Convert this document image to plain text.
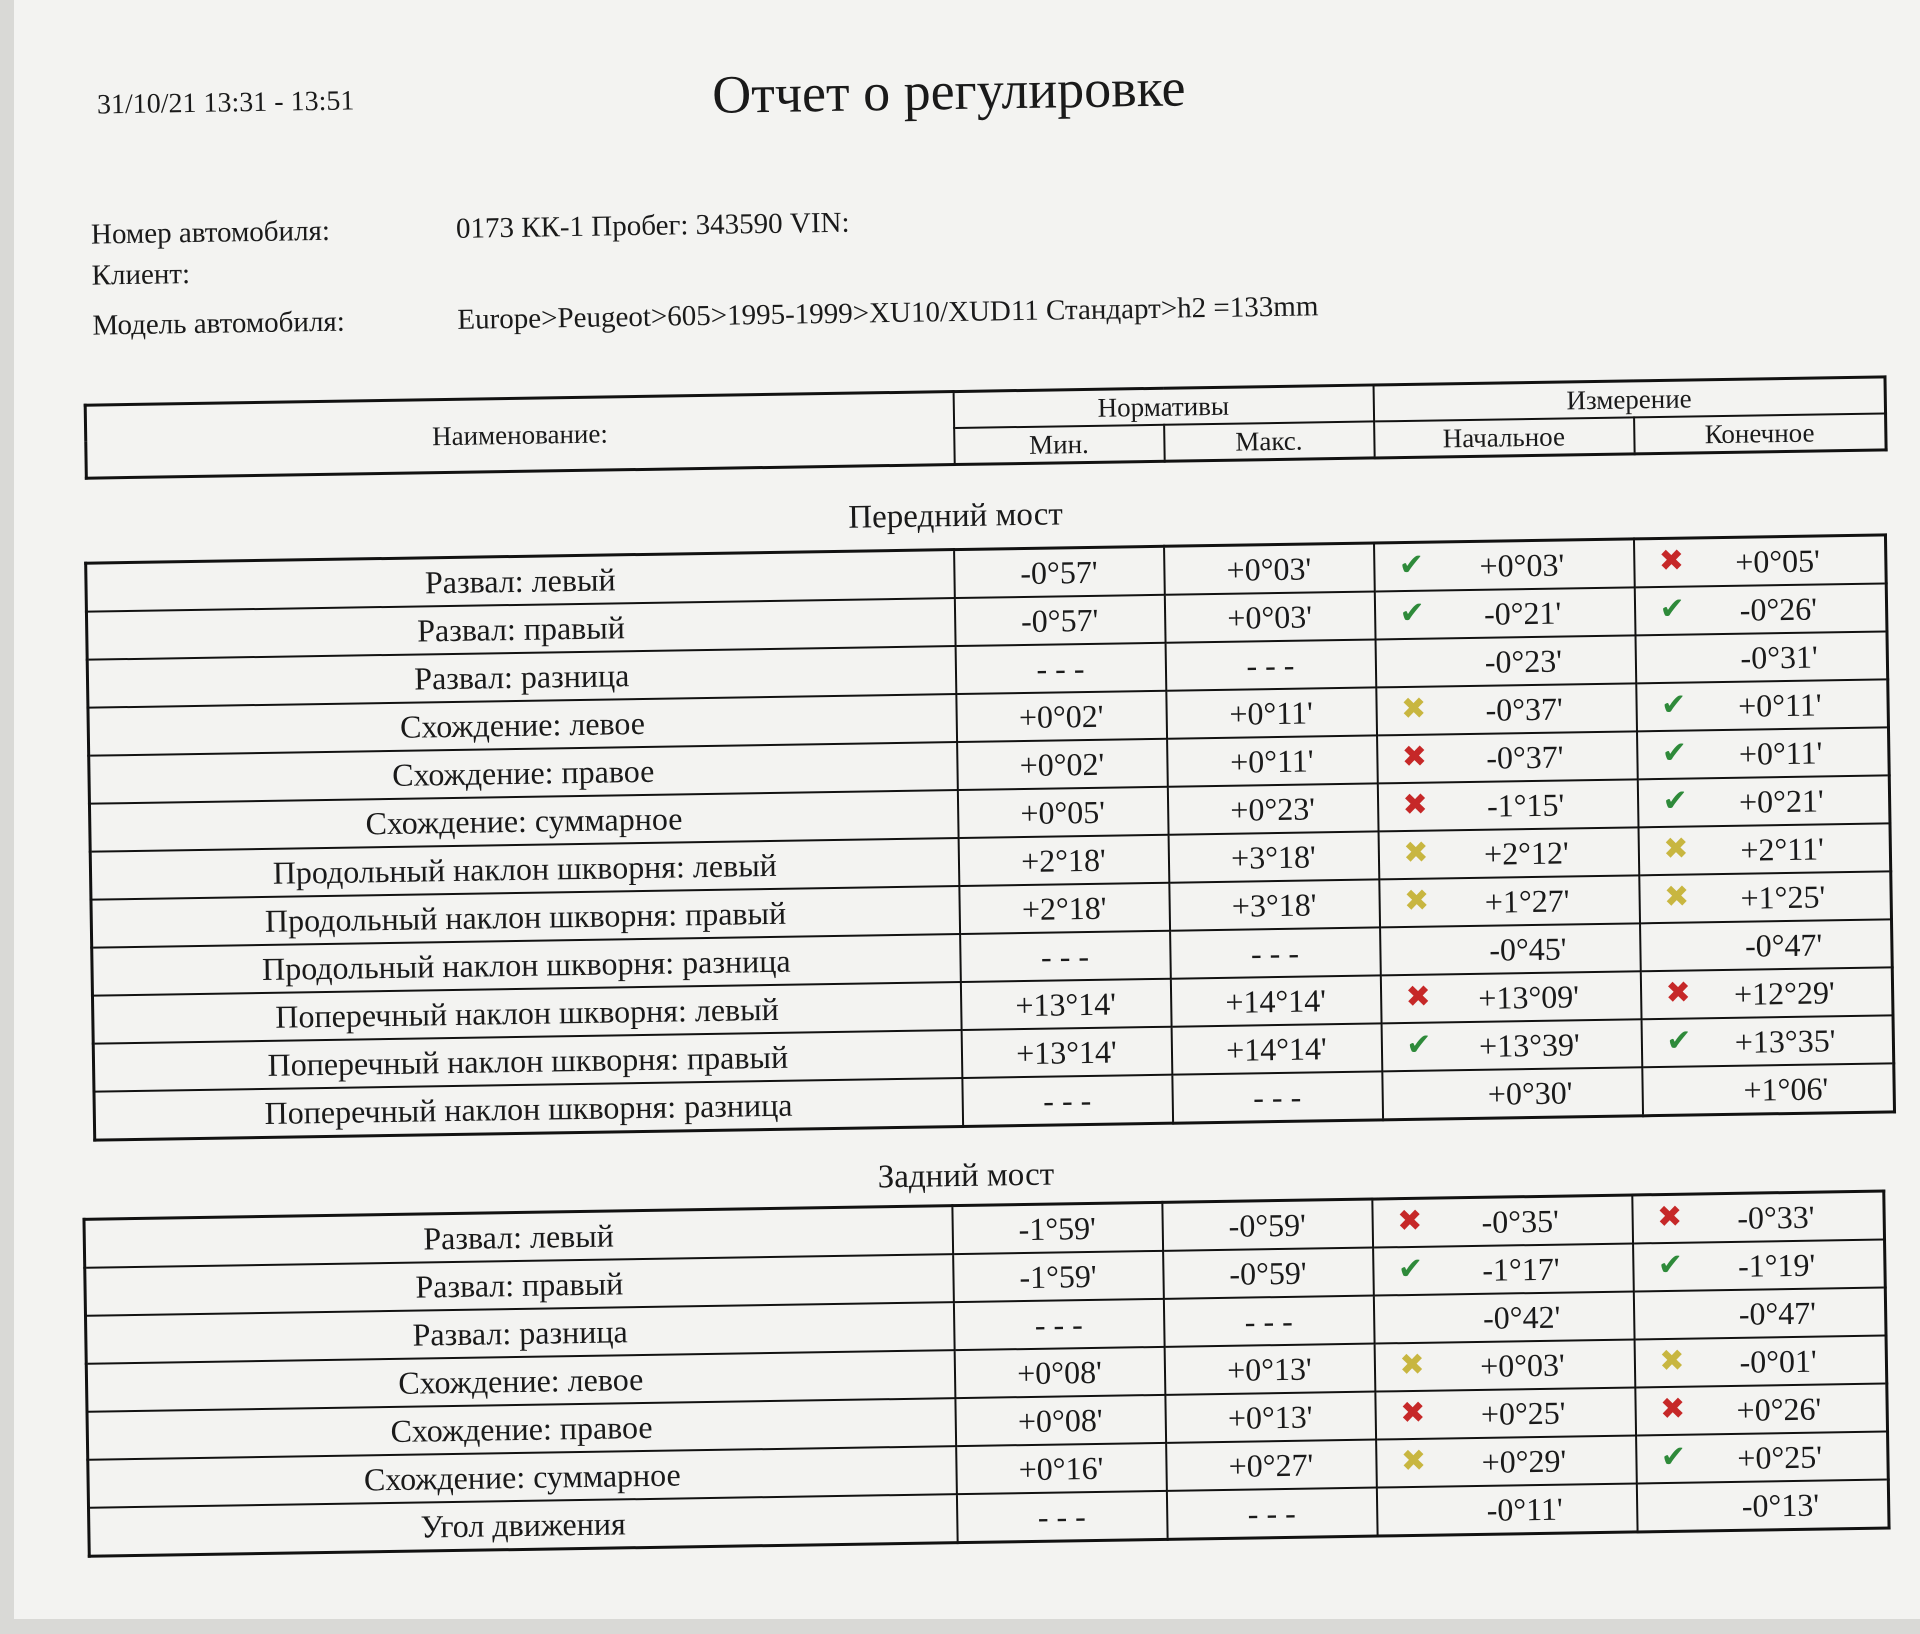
31/10/21 13:31 - 13:51	Отчет о регулировке
Номер автомобиля:	0173 КК-1 Пробег: 343590 VIN:
Клиент:
Модель автомобиля:	Europe>Peugeot>605>1995-1999>XU10/XUD11 Стандарт>h2 =133mm
Наименование:	Нормативы		Измерение	
	Мин.	Макс.	Начальное	Конечное
Передний мост
Развал: левый	-0°57'	+0°03'	✔ +0°03'	✖ +0°05'
Развал: правый	-0°57'	+0°03'	✔ -0°21'	✔ -0°26'
Развал: разница	- - -	- - -	-0°23'	-0°31'
Схождение: левое	+0°02'	+0°11'	✖ -0°37'	✔ +0°11'
Схождение: правое	+0°02'	+0°11'	✖ -0°37'	✔ +0°11'
Схождение: суммарное	+0°05'	+0°23'	✖ -1°15'	✔ +0°21'
Продольный наклон шкворня: левый	+2°18'	+3°18'	✖ +2°12'	✖ +2°11'
Продольный наклон шкворня: правый	+2°18'	+3°18'	✖ +1°27'	✖ +1°25'
Продольный наклон шкворня: разница	- - -	- - -	-0°45'	-0°47'
Поперечный наклон шкворня: левый	+13°14'	+14°14'	✖ +13°09'	✖ +12°29'
Поперечный наклон шкворня: правый	+13°14'	+14°14'	✔ +13°39'	✔ +13°35'
Поперечный наклон шкворня: разница	- - -	- - -	+0°30'	+1°06'
Задний мост
Развал: левый	-1°59'	-0°59'	✖ -0°35'	✖ -0°33'
Развал: правый	-1°59'	-0°59'	✔ -1°17'	✔ -1°19'
Развал: разница	- - -	- - -	-0°42'	-0°47'
Схождение: левое	+0°08'	+0°13'	✖ +0°03'	✖ -0°01'
Схождение: правое	+0°08'	+0°13'	✖ +0°25'	✖ +0°26'
Схождение: суммарное	+0°16'	+0°27'	✖ +0°29'	✔ +0°25'
Угол движения	- - -	- - -	-0°11'	-0°13'
